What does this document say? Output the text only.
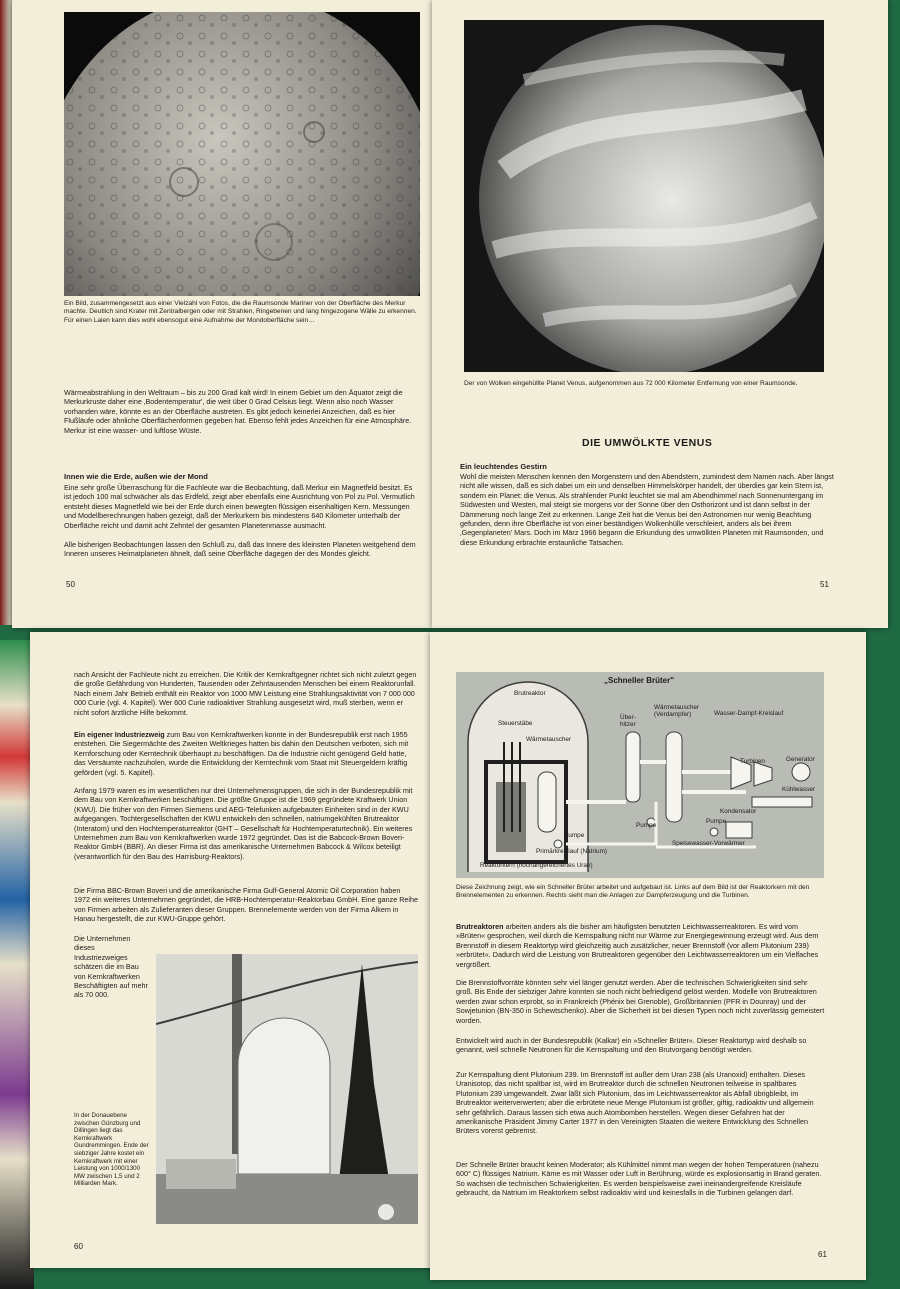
Ein Bild, zusammengesetzt aus einer Vielzahl von Fotos, die die Raumsonde Mariner von der Oberfläche des Merkur machte. Deutlich sind Krater mit Zentralbergen oder mit Strahlen, Ringebenen und lang hingezogene Wälle zu erkennen. Für einen Laien kann dies wohl ebensogut eine Aufnahme der Mondoberfläche sein…
Wärmeabstrahlung in den Weltraum – bis zu 200 Grad kalt wird! In einem Gebiet um den Äquator zeigt die Merkurkruste daher eine ‚Bodentemperatur', die weit über 0 Grad Celsius liegt. Wenn also noch Wasser vorhanden wäre, könnte es an der Oberfläche austreten. Es gibt jedoch keinerlei Anzeichen, daß es hier Flußläufe oder ähnliche Oberflächenformen gegeben hat. Ebenso fehlt jedes Anzeichen für eine Atmosphäre. Merkur ist eine wasser- und luftlose Wüste.
Innen wie die Erde, außen wie der Mond
Eine sehr große Überraschung für die Fachleute war die Beobachtung, daß Merkur ein Magnetfeld besitzt. Es ist jedoch 100 mal schwächer als das Erdfeld, zeigt aber ebenfalls eine Ausrichtung von Pol zu Pol. Vermutlich entsteht dieses Magnetfeld wie bei der Erde durch einen bewegten flüssigen eisenhaltigen Kern. Messungen und Modellberechnungen haben gezeigt, daß der Merkurkern bis mindestens 640 Kilometer unterhalb der Oberfläche reicht und damit acht Zehntel der gesamten Planetenmasse ausmacht.
Alle bisherigen Beobachtungen lassen den Schluß zu, daß das Innere des kleinsten Planeten weitgehend dem Inneren unseres Heimatplaneten ähnelt, daß seine Oberfläche dagegen der des Mondes gleicht.
50
Der von Wolken eingehüllte Planet Venus, aufgenommen aus 72 000 Kilometer Entfernung von einer Raumsonde.
DIE UMWÖLKTE VENUS
Ein leuchtendes Gestirn
Wohl die meisten Menschen kennen den Morgenstern und den Abendstern, zumindest dem Namen nach. Aber längst nicht alle wissen, daß es sich dabei um ein und denselben Himmelskörper handelt, der überdies gar kein Stern ist, sondern ein Planet: die Venus. Als strahlender Punkt leuchtet sie mal am Abendhimmel nach Sonnenuntergang im Südwesten und Westen, mal steigt sie morgens vor der Sonne über den Osthorizont und ist dann selbst in der Dämmerung noch lange Zeit zu erkennen. Lange Zeit hat die Venus bei den Astronomen nur wenig Beachtung gefunden, denn ihre Oberfläche ist von einer beständigen Wolkenhülle verschleiert, anders als bei ihrem ‚Gegenplaneten' Mars. Doch im März 1966 begann die Erkundung des umwölkten Planeten mit Raumsonden, und diese Erkundung erbrachte erstaunliche Tatsachen.
51
nach Ansicht der Fachleute nicht zu erreichen. Die Kritik der Kernkraftgegner richtet sich nicht zuletzt gegen die große Gefährdung von Hunderten, Tausenden oder Zehntausenden Menschen bei einem Reaktorunfall. Nach einem Jahr Betrieb enthält ein Reaktor von 1000 MW Leistung eine Strahlungsaktivität von 7 000 000 000 Curie (vgl. 4. Kapitel). Wer 600 Curie radioaktiver Strahlung ausgesetzt wird, muß sterben, wenn er nicht sofort ärztliche Hilfe bekommt.
Ein eigener Industriezweig zum Bau von Kernkraftwerken konnte in der Bundesrepublik erst nach 1955 entstehen. Die Siegermächte des Zweiten Weltkrieges hatten bis dahin den Deutschen verboten, sich mit Kernforschung oder Kerntechnik überhaupt zu beschäftigen. Da die Industrie nicht genügend Geld hatte, das Versäumte nachzuholen, wurde die Entwicklung der Kerntechnik vom Staat mit Steuergeldern kräftig gefördert (vgl. 5. Kapitel).
Anfang 1979 waren es im wesentlichen nur drei Unternehmensgruppen, die sich in der Bundesrepublik mit dem Bau von Kernkraftwerken beschäftigen. Die größte Gruppe ist die 1969 gegründete Kraftwerk Union (KWU). Die früher von den Firmen Siemens und AEG-Telefunken aufgebauten Einheiten sind in der KWU aufgegangen. Tochtergesellschaften der KWU entwickeln den schnellen, natriumgekühlten Brutreaktor (Interatom) und den Hochtemperaturreaktor (GHT – Gesellschaft für Hochtemperaturtechnik). Ein weiteres Unternehmen zum Bau von Kernkraftwerken wurde 1972 gegründet. Das ist die Babcock-Brown Boveri-Reaktor GmbH (BBR). An dieser Firma ist das amerikanische Unternehmen Babcock & Wilcox beteiligt (verantwortlich für den Bau des Harrisburg-Reaktors).
Die Firma BBC-Brown Boveri und die amerikanische Firma Gulf-General Atomic Oil Corporation haben 1972 ein weiteres Unternehmen gegründet, die HRB-Hochtemperatur-Reaktorbau GmbH. Eine ganze Reihe von Firmen arbeiten als Zulieferanten dieser Gruppen. Brennelemente werden von der Firma Alkem in Hanau hergestellt, die zur KWU-Gruppe gehört.
Die Unternehmen dieses Industriezweiges schätzen die im Bau von Kernkraftwerken Beschäftigten auf mehr als 70 000.
In der Donauebene zwischen Günzburg und Dillingen liegt das Kernkraftwerk Gundremmingen. Ende der siebziger Jahre kostet ein Kernkraftwerk mit einer Leistung von 1000/1300 MW zwischen 1,5 und 2 Milliarden Mark.
60
„Schneller Brüter"
Brutreaktor
Steuerstäbe
Wärmetauscher
Über-
hitzer
Wärmetauscher
(Verdampfer)	Wasser-Dampf-Kreislauf
Turbinen	Generator
Kühlwasser
Kondensator
Pumpe
Pumpe
Pumpe
Speisewasser-Vorwärmer
Primärkreislauf (Natrium)
Reaktorkern (hochangereichertes Uran)
Diese Zeichnung zeigt, wie ein Schneller Brüter arbeitet und aufgebaut ist. Links auf dem Bild ist der Reaktorkern mit den Brennelementen zu erkennen. Rechts sieht man die Anlagen zur Dampferzeugung und die Turbinen.
Brutreaktoren arbeiten anders als die bisher am häufigsten benutzten Leichtwasserreaktoren. Es wird vom »Brüten« gesprochen, weil durch die Kernspaltung nicht nur Wärme zur Energiegewinnung erzeugt wird. Aus dem Brennstoff in diesem Reaktortyp wird gleichzeitig auch zusätzlicher, neuer Brennstoff (vor allem Plutonium 239) »erbrütet«. Dadurch wird die Leistung von Brutreaktoren gegenüber den Leichtwasserreaktoren um ein Vielfaches vergrößert.
Die Brennstoffvorräte könnten sehr viel länger genutzt werden. Aber die technischen Schwierigkeiten sind sehr groß. Bis Ende der siebziger Jahre konnten sie noch nicht befriedigend gelöst werden. Modelle von Brutreaktoren werden zwar schon erprobt, so in Frankreich (Phénix bei Grenoble), Großbritannien (PFR in Dounray) und der Sowjetunion (BN-350 in Schewtschenko). Aber die Sicherheit ist bei diesen Typen noch nicht zuverlässig gemeistert worden.
Entwickelt wird auch in der Bundesrepublik (Kalkar) ein »Schneller Brüter«. Dieser Reaktortyp wird deshalb so genannt, weil schnelle Neutronen für die Kernspaltung und den Brutvorgang benötigt werden.
Zur Kernspaltung dient Plutonium 239. Im Brennstoff ist außer dem Uran 238 (als Uranoxid) enthalten. Dieses Uranisotop, das nicht spaltbar ist, wird im Brutreaktor durch die schnellen Neutronen teilweise in spaltbares Plutonium 239 umgewandelt. Zwar läßt sich Plutonium, das im Leichtwasserreaktor als Abfall übrigbleibt, im Brutreaktor weiterverwerten; aber die erbrütete neue Menge Plutonium ist größer, giftig, radioaktiv und allgemein sehr gefährlich. Daraus lassen sich etwa auch Atombomben herstellen. Wegen dieser Gefahren hat der amerikanische Präsident Jimmy Carter 1977 in den Vereinigten Staaten die weitere Entwicklung des Schnellen Brüters vorerst gebremst.
Der Schnelle Brüter braucht keinen Moderator; als Kühlmittel nimmt man wegen der hohen Temperaturen (nahezu 600° C) flüssiges Natrium. Käme es mit Wasser oder Luft in Berührung, würde es explosionsartig in Brand geraten. So wachsen die technischen Schwierigkeiten. Es werden beispielsweise zwei ineinandergreifende Kreisläufe gebraucht, da Natrium im Reaktorkern selbst radioaktiv wird und keinesfalls in die Turbinen gelangen darf.
61
